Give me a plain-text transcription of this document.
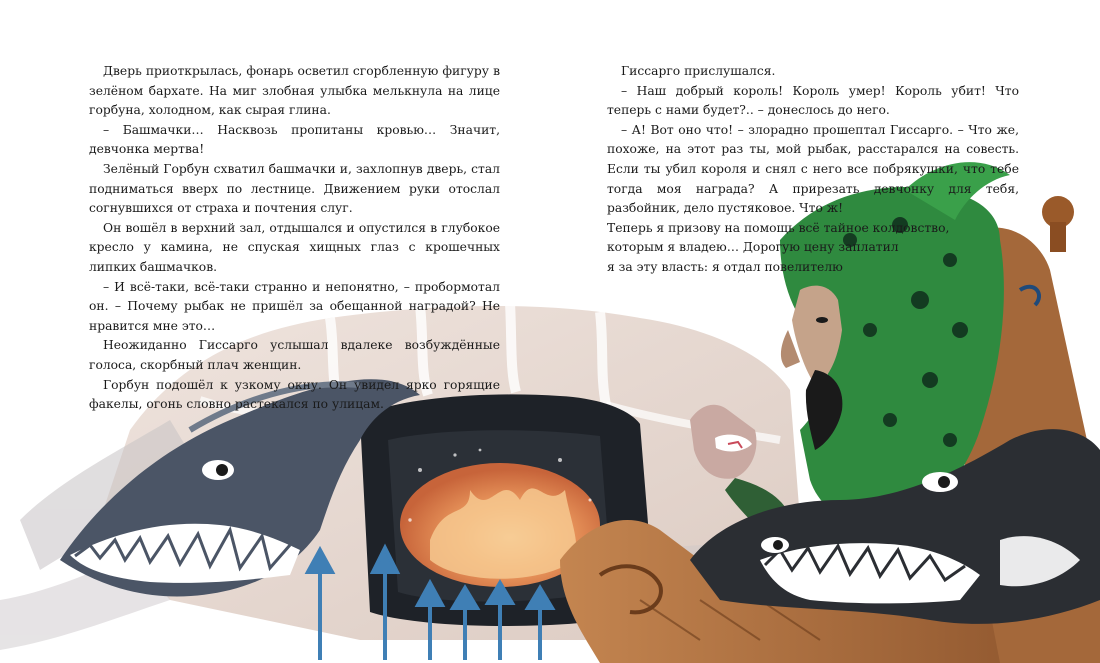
Дверь приоткрылась, фонарь осветил сгорбленную фигуру в зелёном бархате. На миг злобная улыбка мелькнула на лице горбуна, холодном, как сырая глина.

– Башмачки… Насквозь пропитаны кровью… Значит, девчонка мертва!

Зелёный Горбун схватил башмачки и, захлопнув дверь, стал подниматься вверх по лестнице. Движением руки отослал согнувшихся от страха и почтения слуг.

Он вошёл в верхний зал, отдышался и опустился в глубокое кресло у камина, не спуская хищных глаз с крошечных липких башмачков.

– И всё-таки, всё-таки странно и непонятно, – пробормотал он. – Почему рыбак не пришёл за обещанной наградой? Не нравится мне это…

Неожиданно Гиссарго услышал вдалеке возбуждённые голоса, скорбный плач женщин.

Горбун подошёл к узкому окну. Он увидел ярко горящие факелы, огонь словно растекался по улицам.

Гиссарго прислушался.

– Наш добрый король! Король умер! Король убит! Что теперь с нами будет?.. – донеслось до него.

– А! Вот оно что! – злорадно прошептал Гиссарго. – Что же, похоже, на этот раз ты, мой рыбак, расстарался на совесть. Если ты убил короля и снял с него все побрякушки, что тебе тогда моя награда? А прирезать девчонку для тебя, разбойник, дело пустяковое. Что ж!

Теперь я призову на помощь всё тайное колдовство,

которым я владею… Дорогую цену заплатил

я за эту власть: я отдал повелителю
